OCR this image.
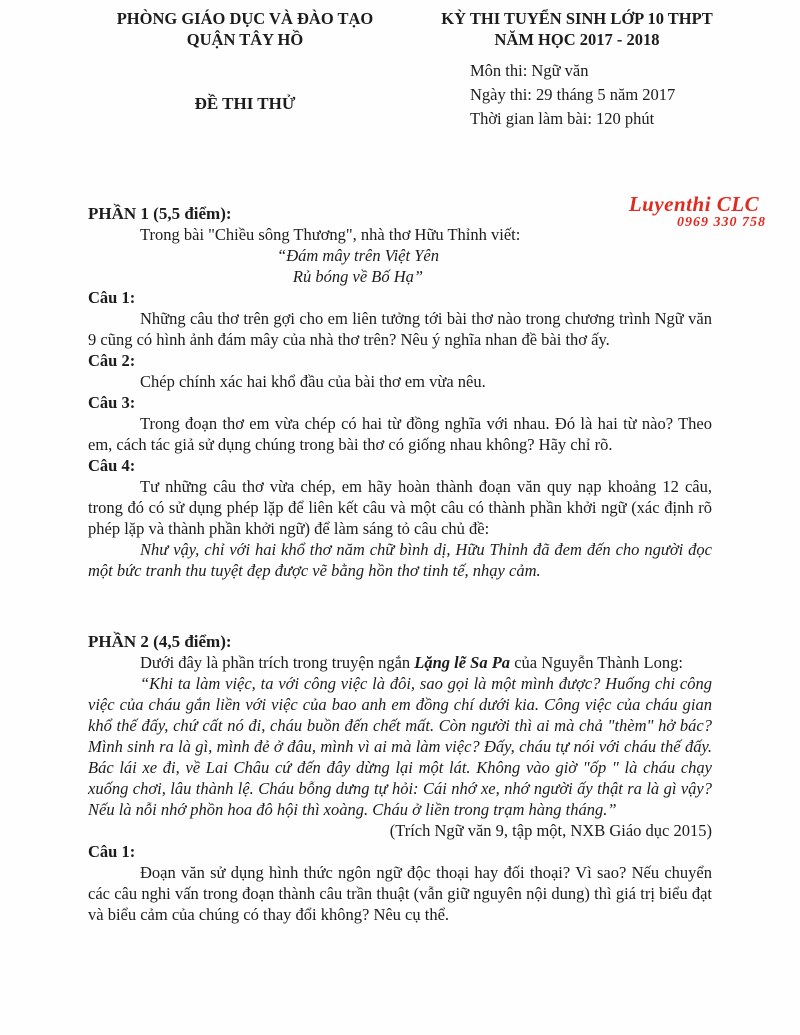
PHÒNG GIÁO DỤC VÀ ĐÀO TẠO
QUẬN TÂY HỒ
KỲ THI TUYỂN SINH LỚP 10 THPT
NĂM HỌC 2017 - 2018
ĐỀ THI THỬ
Môn thi: Ngữ văn
Ngày thi: 29 tháng 5 năm 2017
Thời gian làm bài: 120 phút
Luyenthi CLC
0969 330 758
PHẦN 1 (5,5 điểm):

Trong bài "Chiều sông Thương", nhà thơ Hữu Thỉnh viết:

“Đám mây trên Việt Yên
Rủ bóng về Bố Hạ”
Câu 1:

Những câu thơ trên gợi cho em liên tưởng tới bài thơ nào trong chương trình Ngữ văn 9 cũng có hình ảnh đám mây của nhà thơ trên? Nêu ý nghĩa nhan đề bài thơ ấy.

Câu 2:

Chép chính xác hai khổ đầu của bài thơ em vừa nêu.

Câu 3:

Trong đoạn thơ em vừa chép có hai từ đồng nghĩa với nhau. Đó là hai từ nào? Theo em, cách tác giả sử dụng chúng trong bài thơ có giống nhau không? Hãy chỉ rõ.

Câu 4:

Tư những câu thơ vừa chép, em hãy hoàn thành đoạn văn quy nạp khoảng 12 câu, trong đó có sử dụng phép lặp để liên kết câu và một câu có thành phần khởi ngữ (xác định rõ phép lặp và thành phần khởi ngữ) để làm sáng tỏ câu chủ đề:

Như vậy, chỉ với hai khổ thơ năm chữ bình dị, Hữu Thỉnh đã đem đến cho người đọc một bức tranh thu tuyệt đẹp được vẽ bằng hồn thơ tinh tế, nhạy cảm.

PHẦN 2 (4,5 điểm):

Dưới đây là phần trích trong truyện ngắn Lặng lẽ Sa Pa của Nguyễn Thành Long:

“Khi ta làm việc, ta với công việc là đôi, sao gọi là một mình được? Huống chi công việc của cháu gắn liền với việc của bao anh em đồng chí dưới kia. Công việc của cháu gian khổ thế đấy, chứ cất nó đi, cháu buồn đến chết mất. Còn người thì ai mà chả "thèm" hở bác? Mình sinh ra là gì, mình đẻ ở đâu, mình vì ai mà làm việc? Đấy, cháu tự nói với cháu thế đấy. Bác lái xe đi, về Lai Châu cứ đến đây dừng lại một lát. Không vào giờ "ốp " là cháu chạy xuống chơi, lâu thành lệ. Cháu bỗng dưng tự hỏi: Cái nhớ xe, nhớ người ấy thật ra là gì vậy? Nếu là nỗi nhớ phồn hoa đô hội thì xoàng. Cháu ở liền trong trạm hàng tháng.”

(Trích Ngữ văn 9, tập một, NXB Giáo dục 2015)

Câu 1:

Đoạn văn sử dụng hình thức ngôn ngữ độc thoại hay đối thoại? Vì sao? Nếu chuyển các câu nghi vấn trong đoạn thành câu trần thuật (vẫn giữ nguyên nội dung) thì giá trị biểu đạt và biểu cảm của chúng có thay đổi không? Nêu cụ thể.
